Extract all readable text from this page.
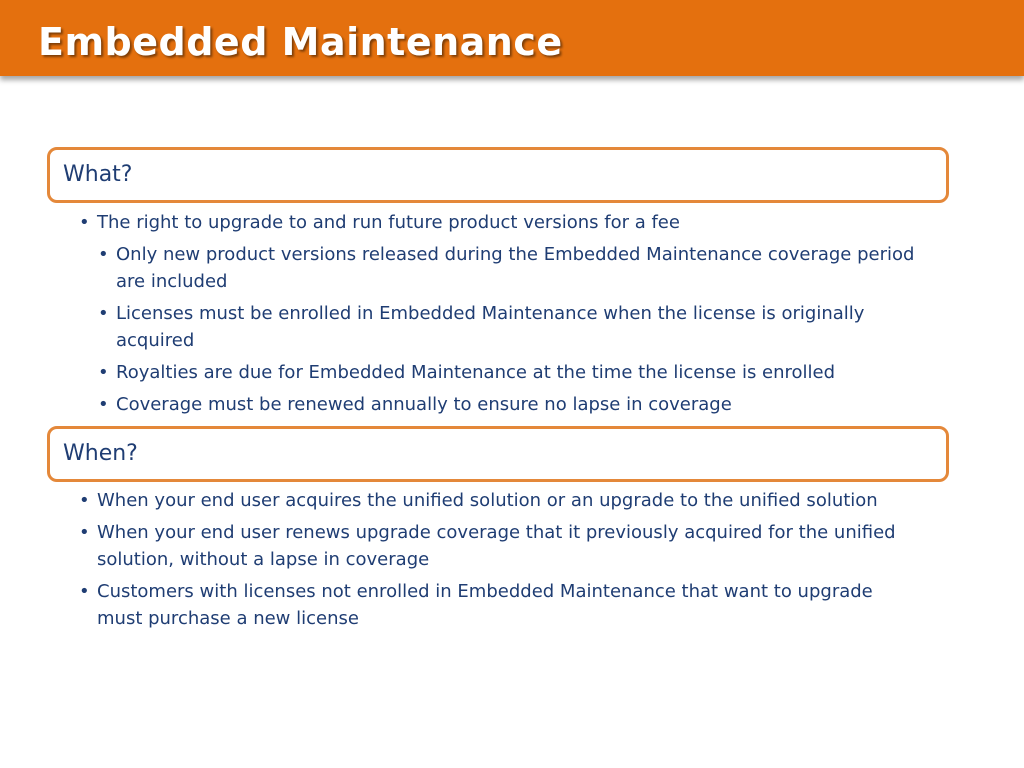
Embedded Maintenance
What?
• The right to upgrade to and run future product versions for a fee
• Only new product versions released during the Embedded Maintenance coverage period are included
• Licenses must be enrolled in Embedded Maintenance when the license is originally acquired
• Royalties are due for Embedded Maintenance at the time the license is enrolled
• Coverage must be renewed annually to ensure no lapse in coverage
When?
• When your end user acquires the unified solution or an upgrade to the unified solution
• When your end user renews upgrade coverage that it previously acquired for the unified solution, without a lapse in coverage
• Customers with licenses not enrolled in Embedded Maintenance that want to upgrade must purchase a new license
